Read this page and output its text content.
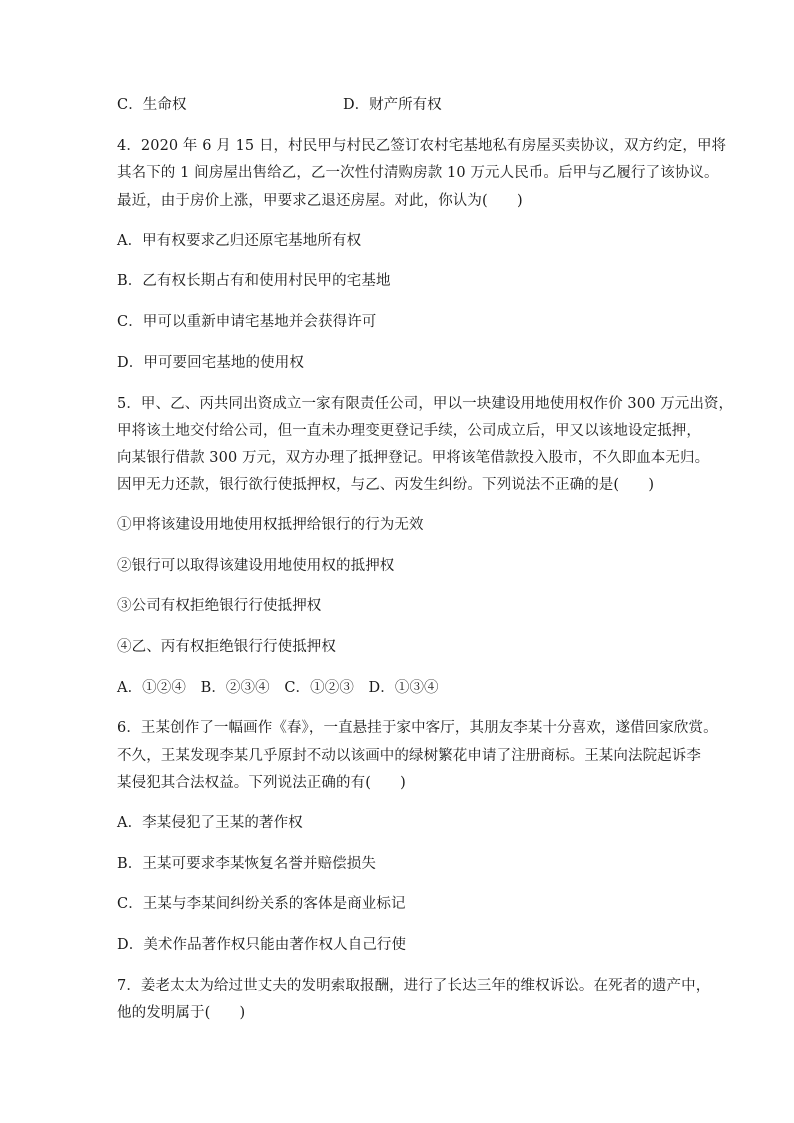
C．生命权	D．财产所有权
4．2020 年 6 月 15 日，村民甲与村民乙签订农村宅基地私有房屋买卖协议，双方约定，甲将
其名下的 1 间房屋出售给乙，乙一次性付清购房款 10 万元人民币。后甲与乙履行了该协议。
最近，由于房价上涨，甲要求乙退还房屋。对此，你认为(　　)
A．甲有权要求乙归还原宅基地所有权
B．乙有权长期占有和使用村民甲的宅基地
C．甲可以重新申请宅基地并会获得许可
D．甲可要回宅基地的使用权
5．甲、乙、丙共同出资成立一家有限责任公司，甲以一块建设用地使用权作价 300 万元出资，
甲将该土地交付给公司，但一直未办理变更登记手续，公司成立后，甲又以该地设定抵押，
向某银行借款 300 万元，双方办理了抵押登记。甲将该笔借款投入股市，不久即血本无归。
因甲无力还款，银行欲行使抵押权，与乙、丙发生纠纷。下列说法不正确的是(　　)
①甲将该建设用地使用权抵押给银行的行为无效
②银行可以取得该建设用地使用权的抵押权
③公司有权拒绝银行行使抵押权
④乙、丙有权拒绝银行行使抵押权
A．①②④　B．②③④　C．①②③　D．①③④
6．王某创作了一幅画作《春》，一直悬挂于家中客厅，其朋友李某十分喜欢，遂借回家欣赏。
不久，王某发现李某几乎原封不动以该画中的绿树繁花申请了注册商标。王某向法院起诉李
某侵犯其合法权益。下列说法正确的有(　　)
A．李某侵犯了王某的著作权
B．王某可要求李某恢复名誉并赔偿损失
C．王某与李某间纠纷关系的客体是商业标记
D．美术作品著作权只能由著作权人自己行使
7．姜老太太为给过世丈夫的发明索取报酬，进行了长达三年的维权诉讼。在死者的遗产中，
他的发明属于(　　)
